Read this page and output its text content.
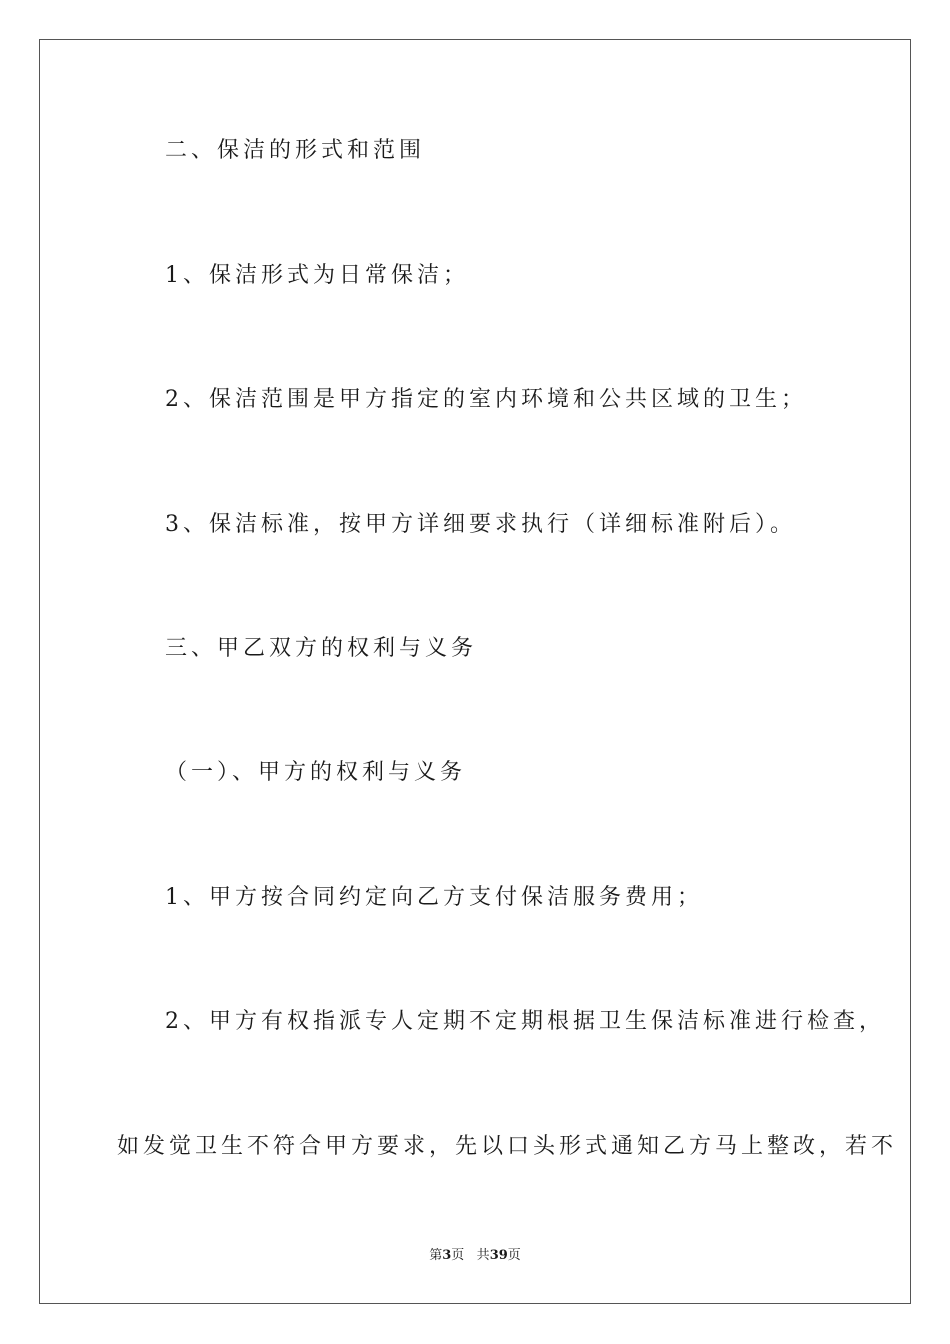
二、保洁的形式和范围
1、保洁形式为日常保洁；
2、保洁范围是甲方指定的室内环境和公共区域的卫生；
3、保洁标准，按甲方详细要求执行（详细标准附后）。
三、甲乙双方的权利与义务
（一）、甲方的权利与义务
1、甲方按合同约定向乙方支付保洁服务费用；
2、甲方有权指派专人定期不定期根据卫生保洁标准进行检查，
如发觉卫生不符合甲方要求，先以口头形式通知乙方马上整改，若不
第3页 共39页
